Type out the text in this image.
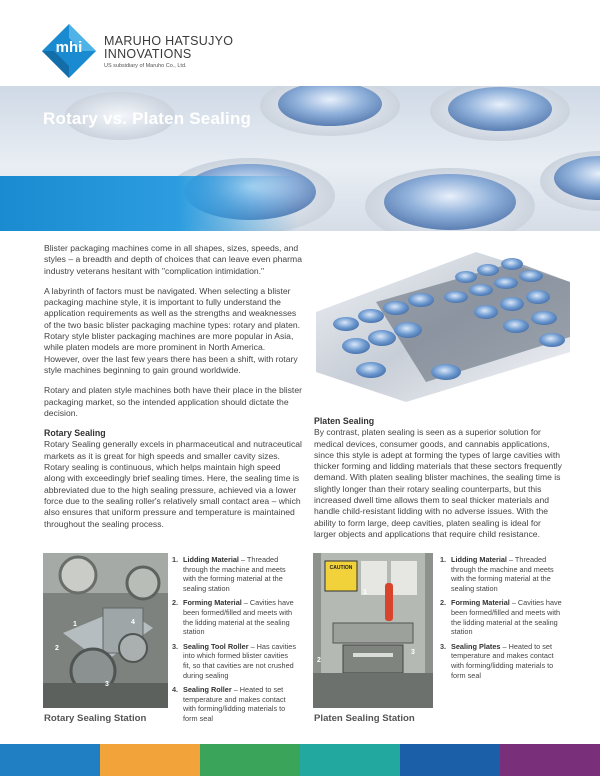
mhi	MARUHO HATSUJYO
INNOVATIONS
US subsidiary of Maruho Co., Ltd.
Rotary vs. Platen Sealing

Blister packaging machines come in all shapes, sizes, speeds, and styles – a breadth and depth of choices that can leave even pharma industry veterans hesitant with "complication intimidation."

A labyrinth of factors must be navigated. When selecting a blister packaging machine style, it is important to fully understand the application requirements as well as the strengths and weaknesses of the two basic blister packaging machine types: rotary and platen. Rotary style blister packaging machines are more popular in Asia, while platen models are more prominent in North America. However, over the last few years there has been a shift, with rotary style machines beginning to gain ground worldwide.

Rotary and platen style machines both have their place in the blister packaging market, so the intended application should dictate the decision.

Rotary Sealing

Rotary Sealing generally excels in pharmaceutical and nutraceutical markets as it is great for high speeds and smaller cavity sizes. Rotary sealing is continuous, which helps maintain high speed along with exceedingly brief sealing times. Here, the sealing time is abbreviated due to the high sealing pressure, achieved via a lower force due to the sealing roller's relatively small contact area – which also ensures that uniform pressure and temperature is maintained throughout the sealing process.

Platen Sealing

By contrast, platen sealing is seen as a superior solution for medical devices, consumer goods, and cannabis applications, since this style is adept at forming the types of large cavities with thicker forming and lidding materials that these sectors frequently demand. With platen sealing blister machines, the sealing time is slightly longer than their rotary sealing counterparts, but this increased dwell time allows them to seal thicker materials and handle child-resistant lidding with no adverse issues. With the ability to form large, deep cavities, platen sealing is ideal for larger objects and applications that require child resistance.

1
2
3
4
Rotary Sealing Station
1. Lidding Material – Threaded through the machine and meets with the forming material at the sealing station
2. Forming Material – Cavities have been formed/filled and meets with the lidding material at the sealing station
3. Sealing Tool Roller – Has cavities into which formed blister cavities fit, so that cavities are not crushed during sealing
4. Sealing Roller – Heated to set temperature and makes contact with forming/lidding materials to form seal
CAUTION
1
2
3
Platen Sealing Station
1. Lidding Material – Threaded through the machine and meets with the forming material at the sealing station
2. Forming Material – Cavities have been formed/filled and meets with the lidding material at the sealing station
3. Sealing Plates – Heated to set temperature and makes contact with forming/lidding materials to form seal
